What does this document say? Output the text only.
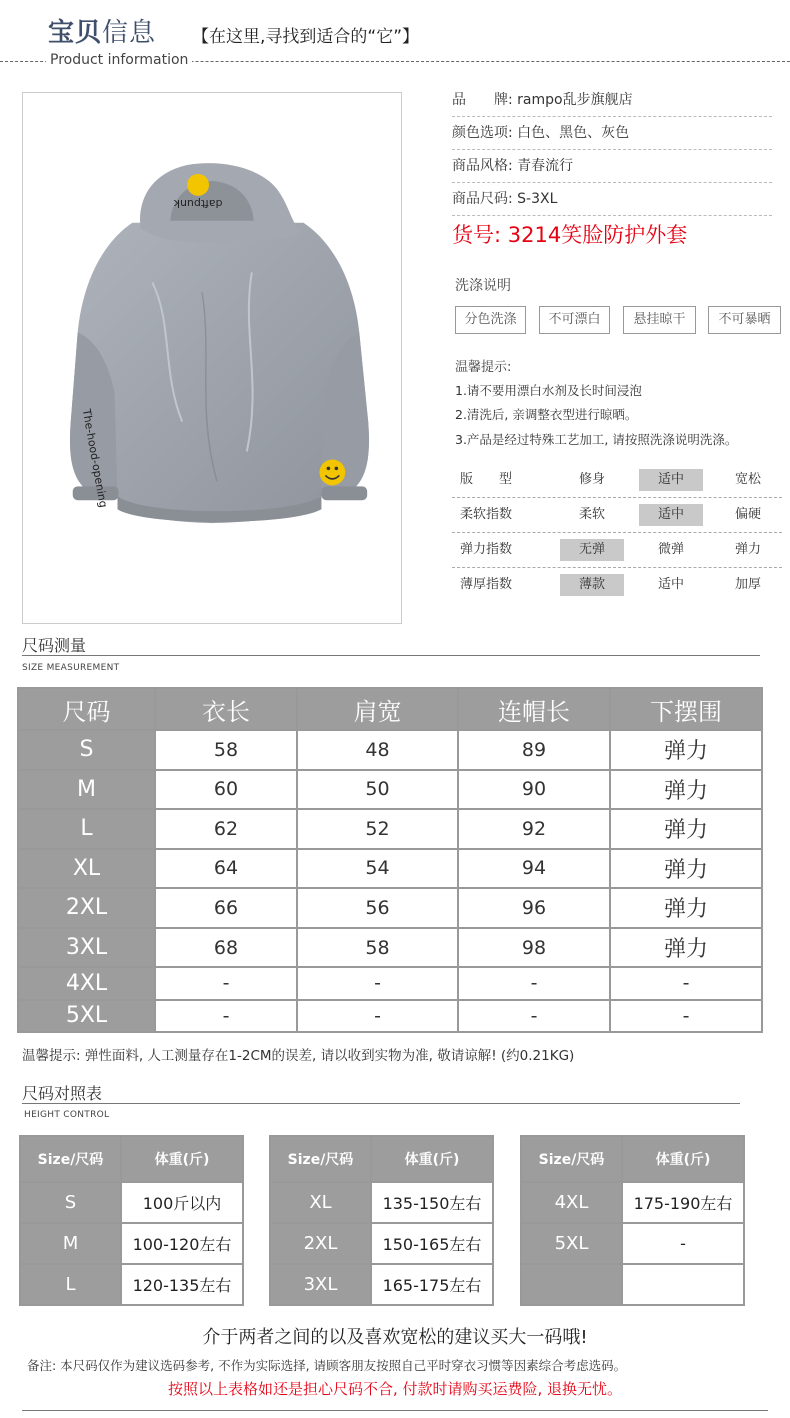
宝贝信息 【在这里,寻找到适合的“它”】
Product information
daftpunk
The-hood-opening
品　　牌: rampo乱步旗舰店
颜色选项: 白色、黑色、灰色
商品风格: 青春流行
商品尺码: S-3XL
货号: 3214笑脸防护外套
洗涤说明
分色洗涤	不可漂白	悬挂晾干	不可暴晒
温馨提示:
1.请不要用漂白水剂及长时间浸泡
2.清洗后, 亲调整衣型进行晾晒。
3.产品是经过特殊工艺加工, 请按照洗涤说明洗涤。
版　　型	修身	适中	宽松
柔软指数	柔软	适中	偏硬
弹力指数	无弹	微弹	弹力
薄厚指数	薄款	适中	加厚
尺码测量
SIZE MEASUREMENT
尺码	衣长	肩宽	连帽长	下摆围
S	58	48	89	弹力
M	60	50	90	弹力
L	62	52	92	弹力
XL	64	54	94	弹力
2XL	66	56	96	弹力
3XL	68	58	98	弹力
4XL	-	-	-	-
5XL	-	-	-	-
温馨提示: 弹性面料, 人工测量存在1-2CM的误差, 请以收到实物为准, 敬请谅解! (约0.21KG)
尺码对照表
HEIGHT CONTROL
Size/尺码	体重(斤)
S	100斤以内
M	100-120左右
L	120-135左右
Size/尺码	体重(斤)
XL	135-150左右
2XL	150-165左右
3XL	165-175左右
Size/尺码	体重(斤)
4XL	175-190左右
5XL	-

介于两者之间的以及喜欢宽松的建议买大一码哦!
备注: 本尺码仅作为建议选码参考, 不作为实际选择, 请顾客朋友按照自己平时穿衣习惯等因素综合考虑选码。
按照以上表格如还是担心尺码不合, 付款时请购买运费险, 退换无忧。
